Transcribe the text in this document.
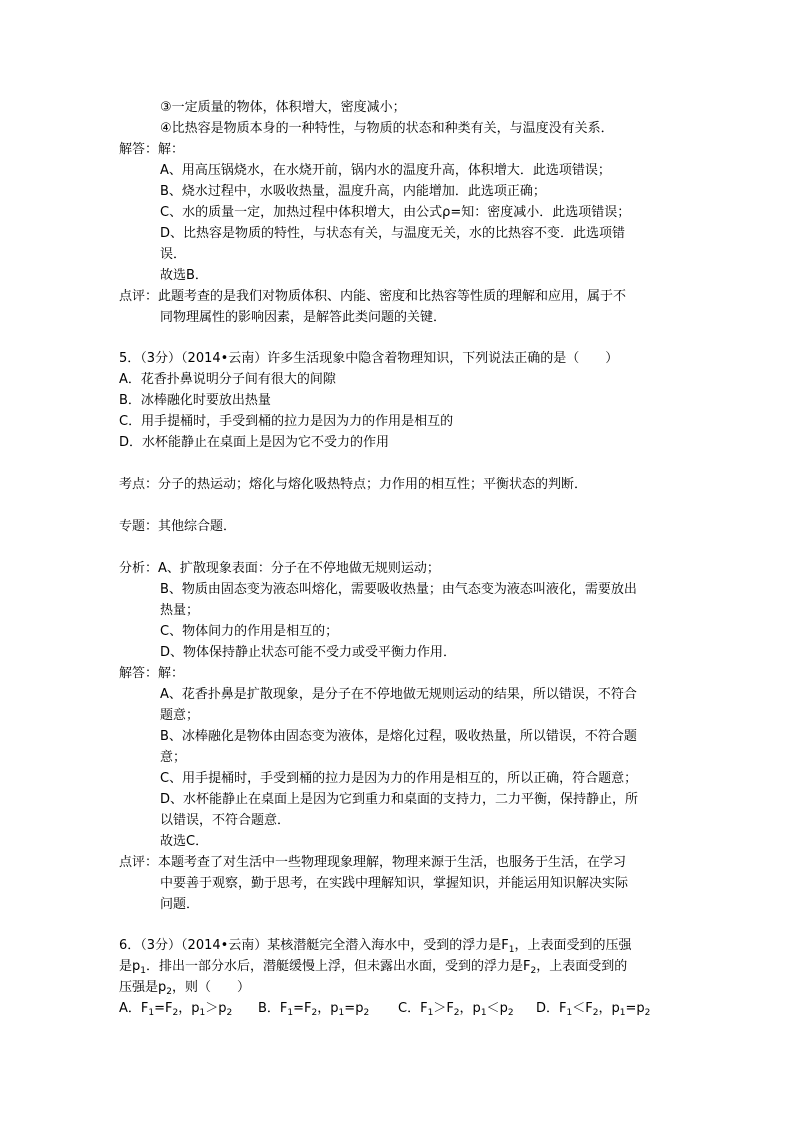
③一定质量的物体，体积增大，密度减小；
④比热容是物质本身的一种特性，与物质的状态和种类有关，与温度没有关系．
解答：解：
A、用高压锅烧水，在水烧开前，锅内水的温度升高，体积增大．此选项错误；
B、烧水过程中，水吸收热量，温度升高，内能增加．此选项正确；
C、水的质量一定，加热过程中体积增大，由公式ρ=知：密度减小．此选项错误；
D、比热容是物质的特性，与状态有关，与温度无关，水的比热容不变．此选项错
误．
故选B．
点评：此题考查的是我们对物质体积、内能、密度和比热容等性质的理解和应用，属于不
同物理属性的影响因素，是解答此类问题的关键．
5．（3分）（2014•云南）许多生活现象中隐含着物理知识，下列说法正确的是（　　）
A．花香扑鼻说明分子间有很大的间隙
B．冰棒融化时要放出热量
C．用手提桶时，手受到桶的拉力是因为力的作用是相互的
D．水杯能静止在桌面上是因为它不受力的作用
考点：分子的热运动；熔化与熔化吸热特点；力作用的相互性；平衡状态的判断．
专题：其他综合题．
分析：A、扩散现象表面：分子在不停地做无规则运动；
B、物质由固态变为液态叫熔化，需要吸收热量；由气态变为液态叫液化，需要放出
热量；
C、物体间力的作用是相互的；
D、物体保持静止状态可能不受力或受平衡力作用．
解答：解：
A、花香扑鼻是扩散现象，是分子在不停地做无规则运动的结果，所以错误，不符合
题意；
B、冰棒融化是物体由固态变为液体，是熔化过程，吸收热量，所以错误，不符合题
意；
C、用手提桶时，手受到桶的拉力是因为力的作用是相互的，所以正确，符合题意；
D、水杯能静止在桌面上是因为它到重力和桌面的支持力，二力平衡，保持静止，所
以错误，不符合题意．
故选C．
点评：本题考查了对生活中一些物理现象理解，物理来源于生活，也服务于生活，在学习
中要善于观察，勤于思考，在实践中理解知识，掌握知识，并能运用知识解决实际
问题．
6．（3分）（2014•云南）某核潜艇完全潜入海水中，受到的浮力是$F_1$，上表面受到的压强
是$p_1$．排出一部分水后，潜艇缓慢上浮，但未露出水面，受到的浮力是$F_2$，上表面受到的
压强是$p_2$，则（　　）
A．$F_1=F_2$，$p_1>p_2$ B．$F_1=F_2$，$p_1=p_2$ C．$F_1>F_2$，$p_1<p_2$ D．$F_1<F_2$，$p_1=p_2$
